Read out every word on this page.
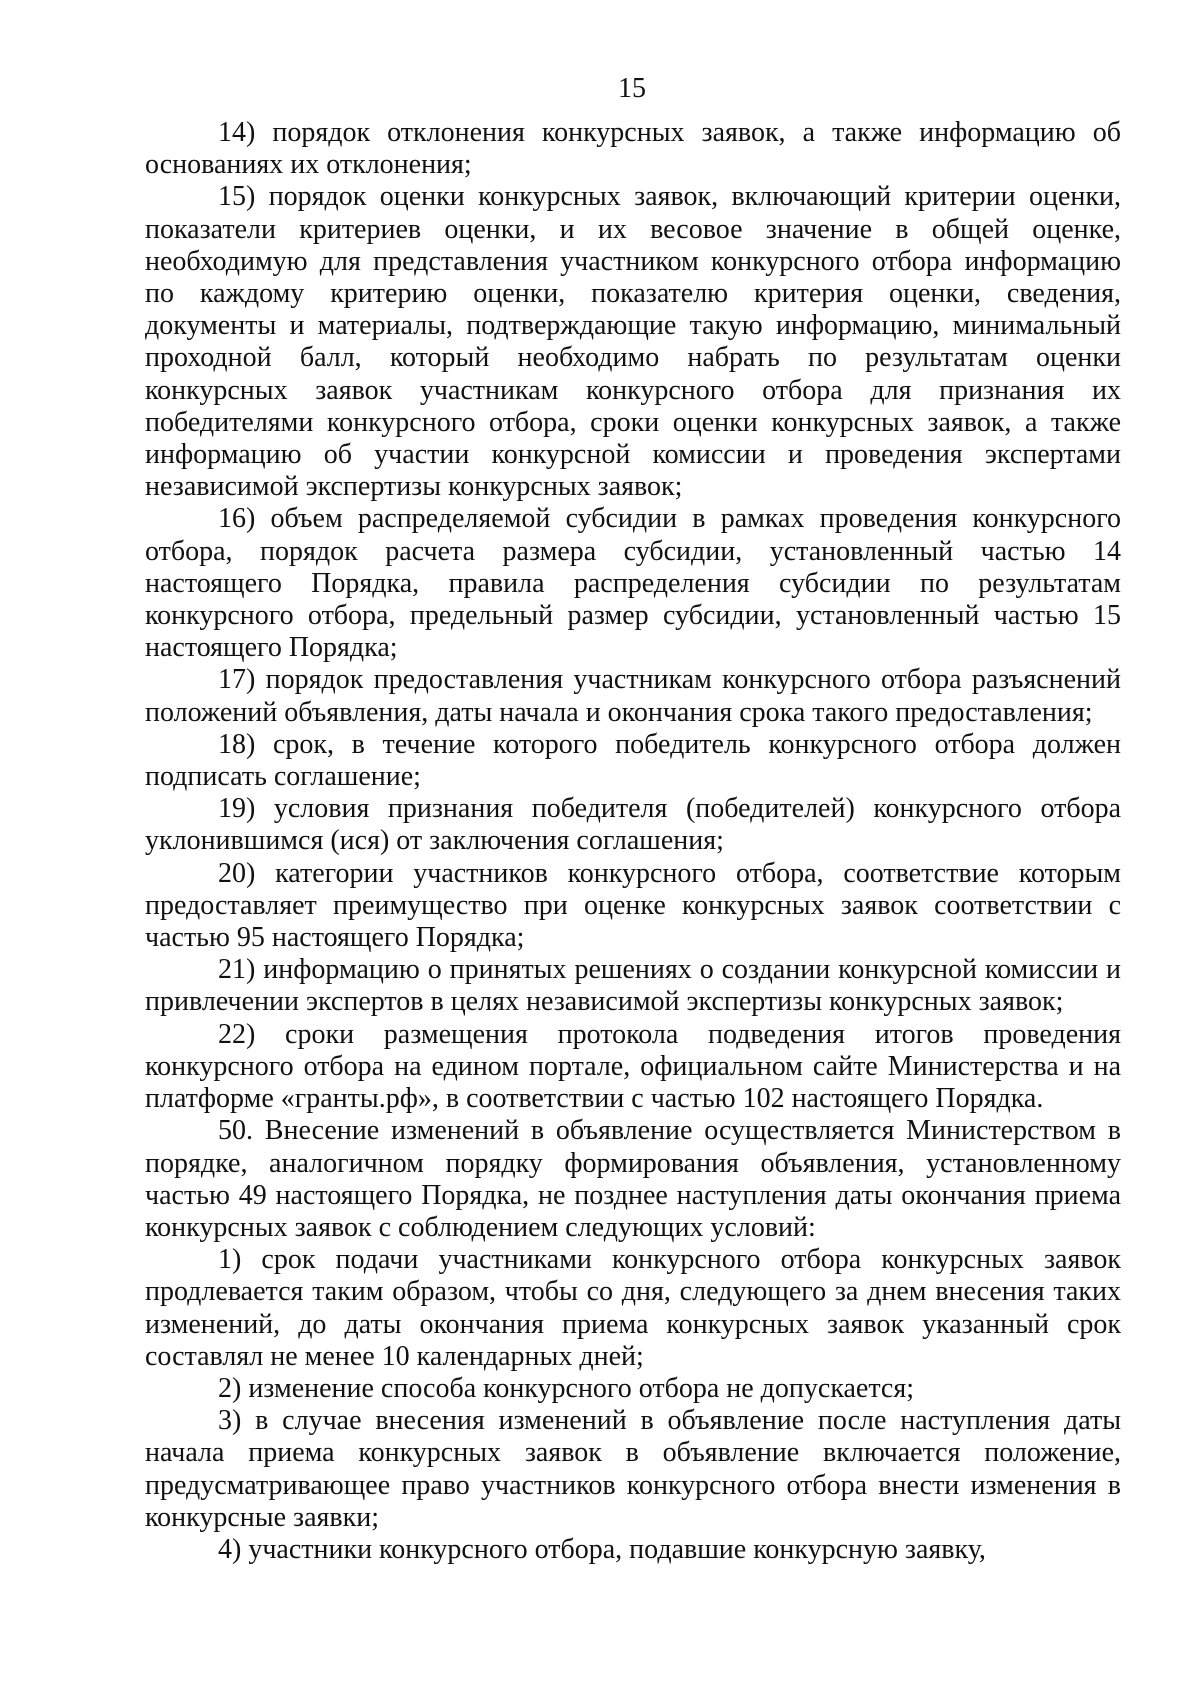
15

14) порядок отклонения конкурсных заявок, а также информацию об основаниях их отклонения;

15) порядок оценки конкурсных заявок, включающий критерии оценки, показатели критериев оценки, и их весовое значение в общей оценке, необходимую для представления участником конкурсного отбора информацию по каждому критерию оценки, показателю критерия оценки, сведения, документы и материалы, подтверждающие такую информацию, минимальный проходной балл, который необходимо набрать по результатам оценки конкурсных заявок участникам конкурсного отбора для признания их победителями конкурсного отбора, сроки оценки конкурсных заявок, а также информацию об участии конкурсной комиссии и проведения экспертами независимой экспертизы конкурсных заявок;

16) объем распределяемой субсидии в рамках проведения конкурсного отбора, порядок расчета размера субсидии, установленный частью 14 настоящего Порядка, правила распределения субсидии по результатам конкурсного отбора, предельный размер субсидии, установленный частью 15 настоящего Порядка;

17) порядок предоставления участникам конкурсного отбора разъяснений положений объявления, даты начала и окончания срока такого предоставления;

18) срок, в течение которого победитель конкурсного отбора должен подписать соглашение;

19) условия признания победителя (победителей) конкурсного отбора уклонившимся (ися) от заключения соглашения;

20) категории участников конкурсного отбора, соответствие которым предоставляет преимущество при оценке конкурсных заявок соответствии с частью 95 настоящего Порядка;

21) информацию о принятых решениях о создании конкурсной комиссии и привлечении экспертов в целях независимой экспертизы конкурсных заявок;

22) сроки размещения протокола подведения итогов проведения конкурсного отбора на едином портале, официальном сайте Министерства и на платформе «гранты.рф», в соответствии с частью 102 настоящего Порядка.

50. Внесение изменений в объявление осуществляется Министерством в порядке, аналогичном порядку формирования объявления, установленному частью 49 настоящего Порядка, не позднее наступления даты окончания приема конкурсных заявок с соблюдением следующих условий:

1) срок подачи участниками конкурсного отбора конкурсных заявок продлевается таким образом, чтобы со дня, следующего за днем внесения таких изменений, до даты окончания приема конкурсных заявок указанный срок составлял не менее 10 календарных дней;

2) изменение способа конкурсного отбора не допускается;

3) в случае внесения изменений в объявление после наступления даты начала приема конкурсных заявок в объявление включается положение, предусматривающее право участников конкурсного отбора внести изменения в конкурсные заявки;

4) участники конкурсного отбора, подавшие конкурсную заявку,
